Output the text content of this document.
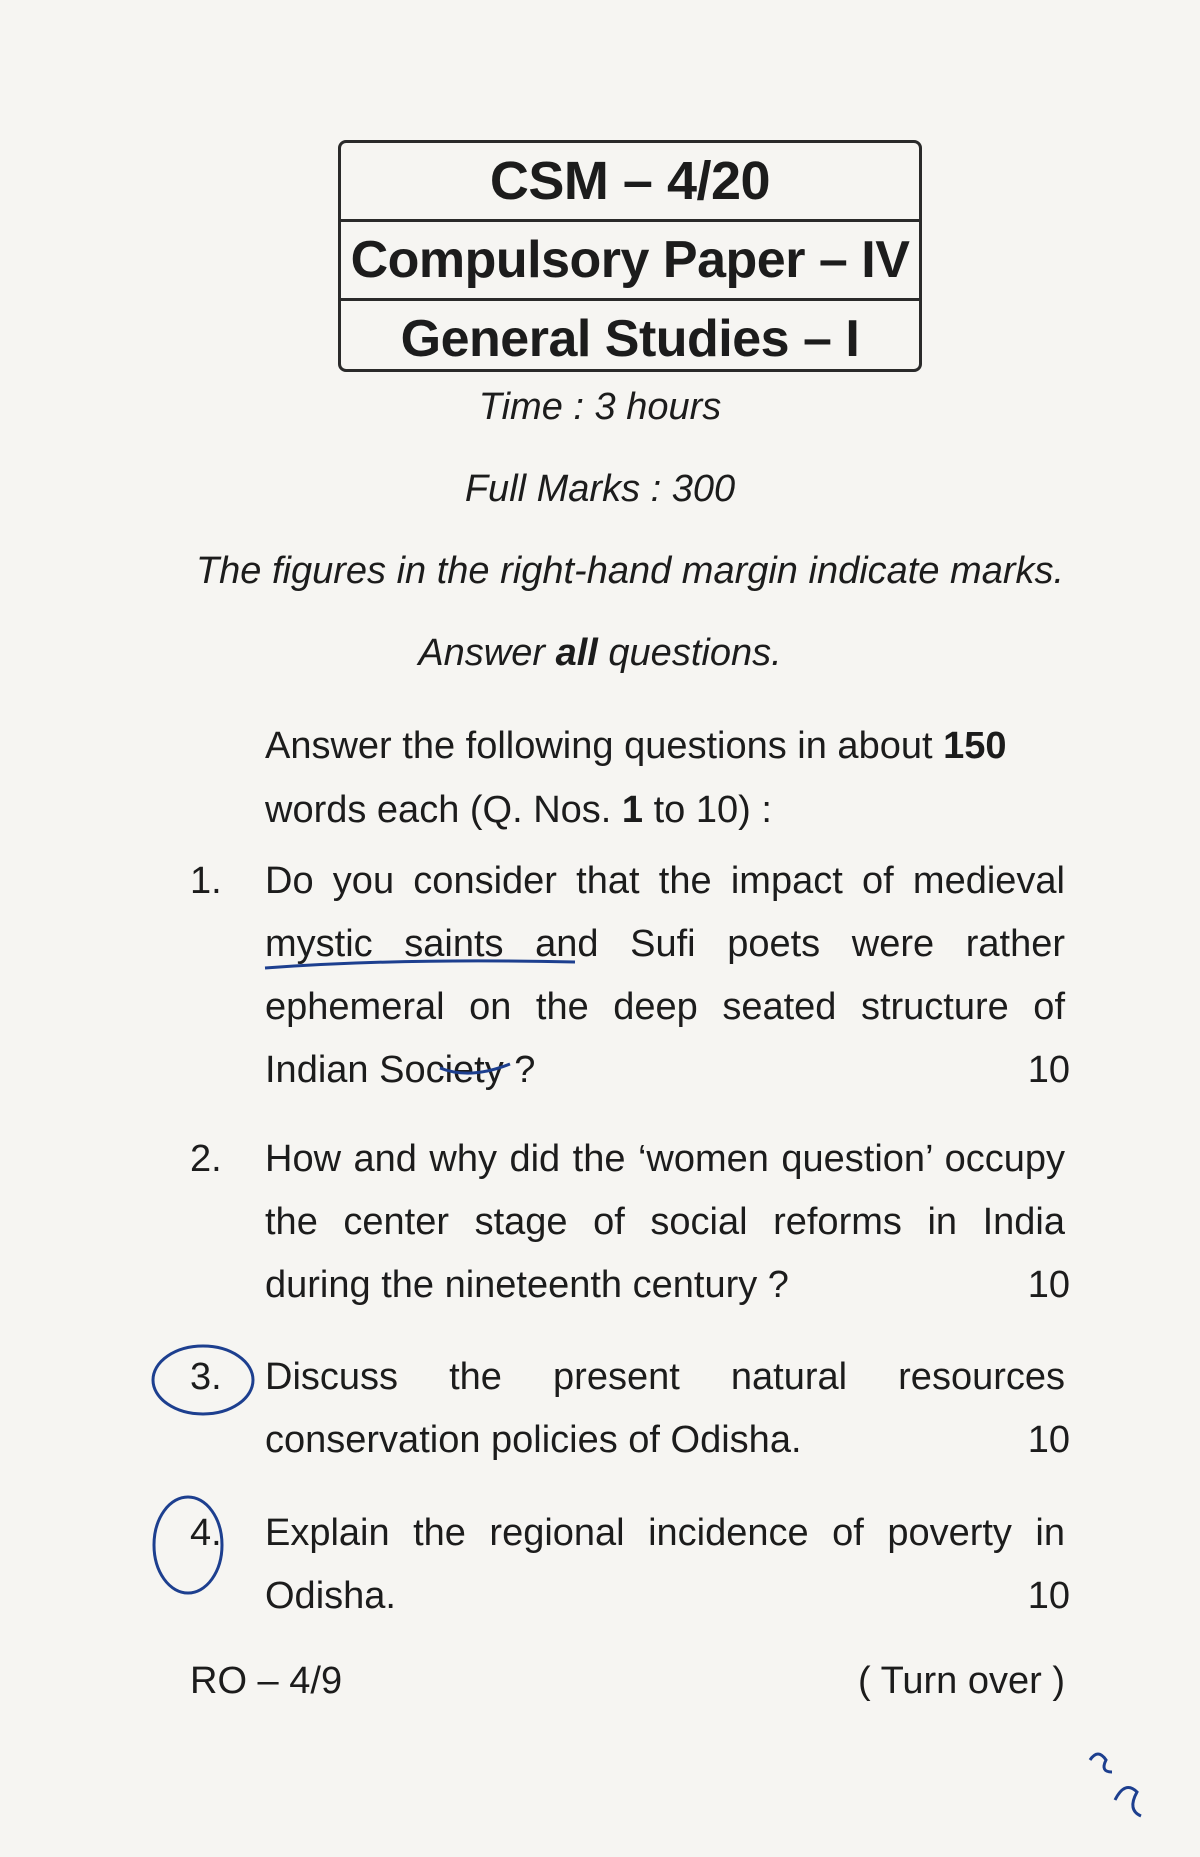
CSM – 4/20
Compulsory Paper – IV
General Studies – I
Time : 3 hours
Full Marks : 300
The figures in the right-hand margin indicate marks.
Answer all questions.
Answer the following questions in about 150 words each (Q. Nos. 1 to 10) :
1. Do you consider that the impact of medieval mystic saints and Sufi poets were rather ephemeral on the deep seated structure of Indian Society ?	10
2. How and why did the ‘women question’ occupy the center stage of social reforms in India during the nineteenth century ?	10
3. Discuss the present natural resources conservation policies of Odisha.	10
4. Explain the regional incidence of poverty in Odisha.	10
RO – 4/9	( Turn over )
